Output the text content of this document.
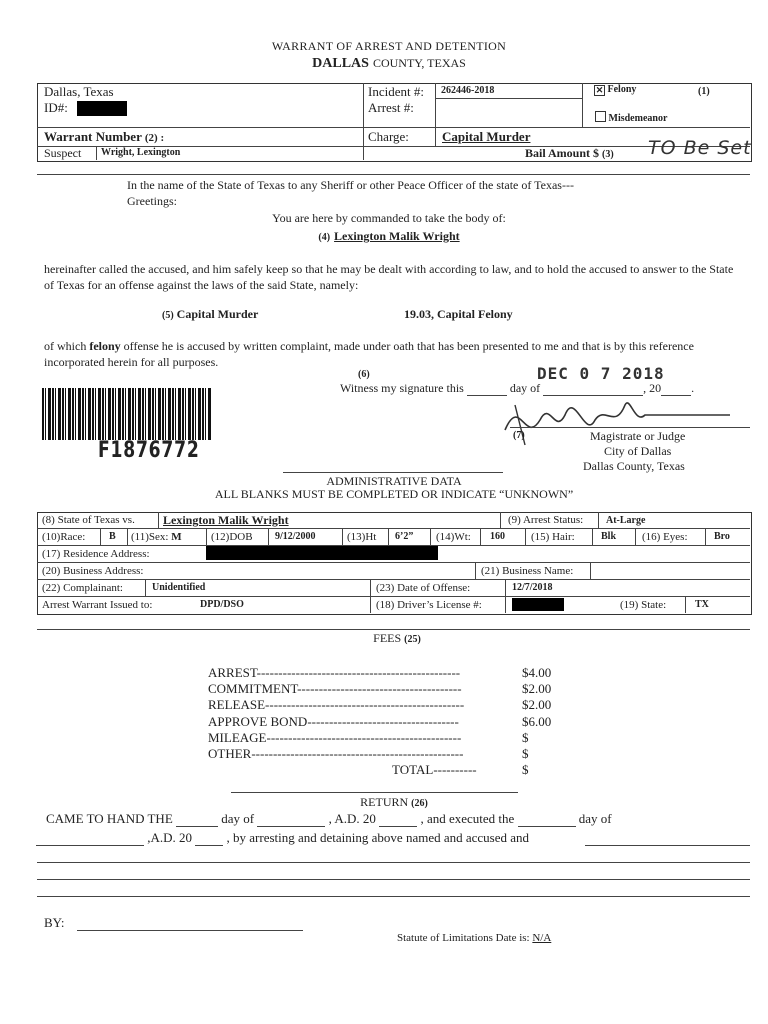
WARRANT OF ARREST AND DETENTION
DALLAS COUNTY, TEXAS
Dallas, Texas
ID#:
Incident #: 262446-2018
Arrest #:
✕ Felony	(1)
Misdemeanor
Warrant Number (2) :	Charge:	Capital Murder
Suspect Wright, Lexington	Bail Amount $ (3) TO Be Set
In the name of the State of Texas to any Sheriff or other Peace Officer of the state of Texas---
Greetings:
You are here by commanded to take the body of:
(4) Lexington Malik Wright
hereinafter called the accused, and him safely keep so that he may be dealt with according to law, and to hold the accused to answer to the State of Texas for an offense against the laws of the said State, namely:
(5) Capital Murder	19.03, Capital Felony
of which felony offense he is accused by written complaint, made under oath that has been presented to me and that is by this reference incorporated herein for all purposes.
(6)	DEC 0 7 2018
Witness my signature this	day of	, 20	.
F1876772
(7)	Magistrate or Judge
City of Dallas
Dallas County, Texas
ADMINISTRATIVE DATA
ALL BLANKS MUST BE COMPLETED OR INDICATE “UNKNOWN”
(8) State of Texas vs. Lexington Malik Wright	(9) Arrest Status: At-Large
(10)Race: B (11)Sex: M	(12)DOB 9/12/2000	(13)Ht 6’2” (14)Wt: 160 (15) Hair:	Blk (16) Eyes:	Bro
(17) Residence Address:
(20) Business Address:	(21) Business Name:
(22) Complainant:	Unidentified	(23) Date of Offense:	12/7/2018
Arrest Warrant Issued to:	DPD/DSO	(18) Driver’s License #:	(19) State:	TX
FEES (25)
ARREST-----------------------------------------------	$4.00
COMMITMENT--------------------------------------	$2.00
RELEASE----------------------------------------------	$2.00
APPROVE BOND-----------------------------------	$6.00
MILEAGE---------------------------------------------	$
OTHER-------------------------------------------------	$
TOTAL----------	$
RETURN (26)
CAME TO HAND THE	day of	, A.D. 20	, and executed the	day of
,A.D. 20	, by arresting and detaining above named and accused and
BY:
Statute of Limitations Date is: N/A
